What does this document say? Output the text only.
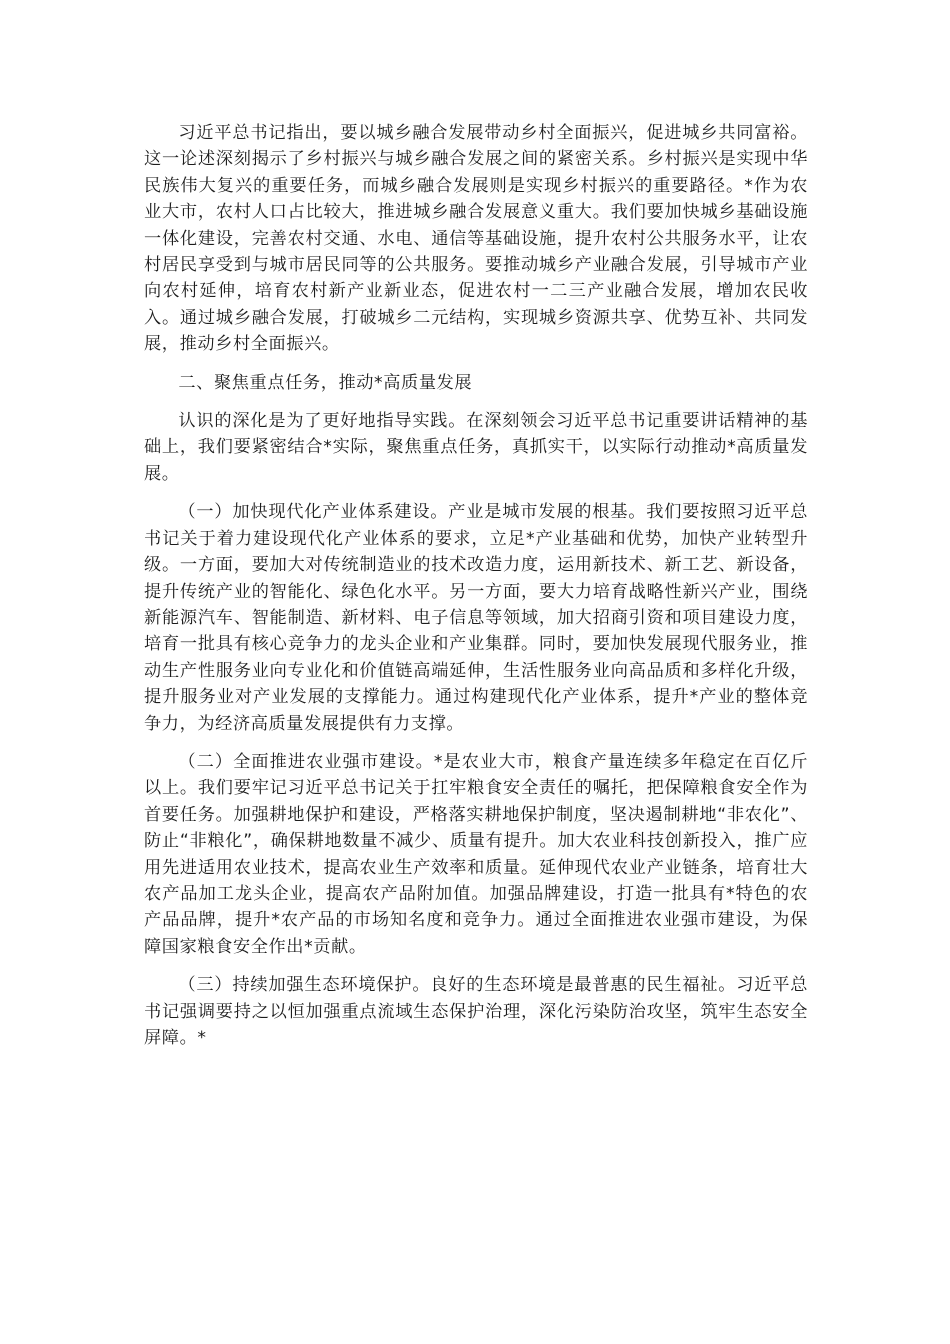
习近平总书记指出，要以城乡融合发展带动乡村全面振兴，促进城乡共同富裕。这一论述深刻揭示了乡村振兴与城乡融合发展之间的紧密关系。乡村振兴是实现中华民族伟大复兴的重要任务，而城乡融合发展则是实现乡村振兴的重要路径。*作为农业大市，农村人口占比较大，推进城乡融合发展意义重大。我们要加快城乡基础设施一体化建设，完善农村交通、水电、通信等基础设施，提升农村公共服务水平，让农村居民享受到与城市居民同等的公共服务。要推动城乡产业融合发展，引导城市产业向农村延伸，培育农村新产业新业态，促进农村一二三产业融合发展，增加农民收入。通过城乡融合发展，打破城乡二元结构，实现城乡资源共享、优势互补、共同发展，推动乡村全面振兴。

二、聚焦重点任务，推动*高质量发展

认识的深化是为了更好地指导实践。在深刻领会习近平总书记重要讲话精神的基础上，我们要紧密结合*实际，聚焦重点任务，真抓实干，以实际行动推动*高质量发展。

（一）加快现代化产业体系建设。产业是城市发展的根基。我们要按照习近平总书记关于着力建设现代化产业体系的要求，立足*产业基础和优势，加快产业转型升级。一方面，要加大对传统制造业的技术改造力度，运用新技术、新工艺、新设备，提升传统产业的智能化、绿色化水平。另一方面，要大力培育战略性新兴产业，围绕新能源汽车、智能制造、新材料、电子信息等领域，加大招商引资和项目建设力度，培育一批具有核心竞争力的龙头企业和产业集群。同时，要加快发展现代服务业，推动生产性服务业向专业化和价值链高端延伸，生活性服务业向高品质和多样化升级，提升服务业对产业发展的支撑能力。通过构建现代化产业体系，提升*产业的整体竞争力，为经济高质量发展提供有力支撑。

（二）全面推进农业强市建设。*是农业大市，粮食产量连续多年稳定在百亿斤以上。我们要牢记习近平总书记关于扛牢粮食安全责任的嘱托，把保障粮食安全作为首要任务。加强耕地保护和建设，严格落实耕地保护制度，坚决遏制耕地“非农化”、防止“非粮化”，确保耕地数量不减少、质量有提升。加大农业科技创新投入，推广应用先进适用农业技术，提高农业生产效率和质量。延伸现代农业产业链条，培育壮大农产品加工龙头企业，提高农产品附加值。加强品牌建设，打造一批具有*特色的农产品品牌，提升*农产品的市场知名度和竞争力。通过全面推进农业强市建设，为保障国家粮食安全作出*贡献。

（三）持续加强生态环境保护。良好的生态环境是最普惠的民生福祉。习近平总书记强调要持之以恒加强重点流域生态保护治理，深化污染防治攻坚，筑牢生态安全屏障。*
